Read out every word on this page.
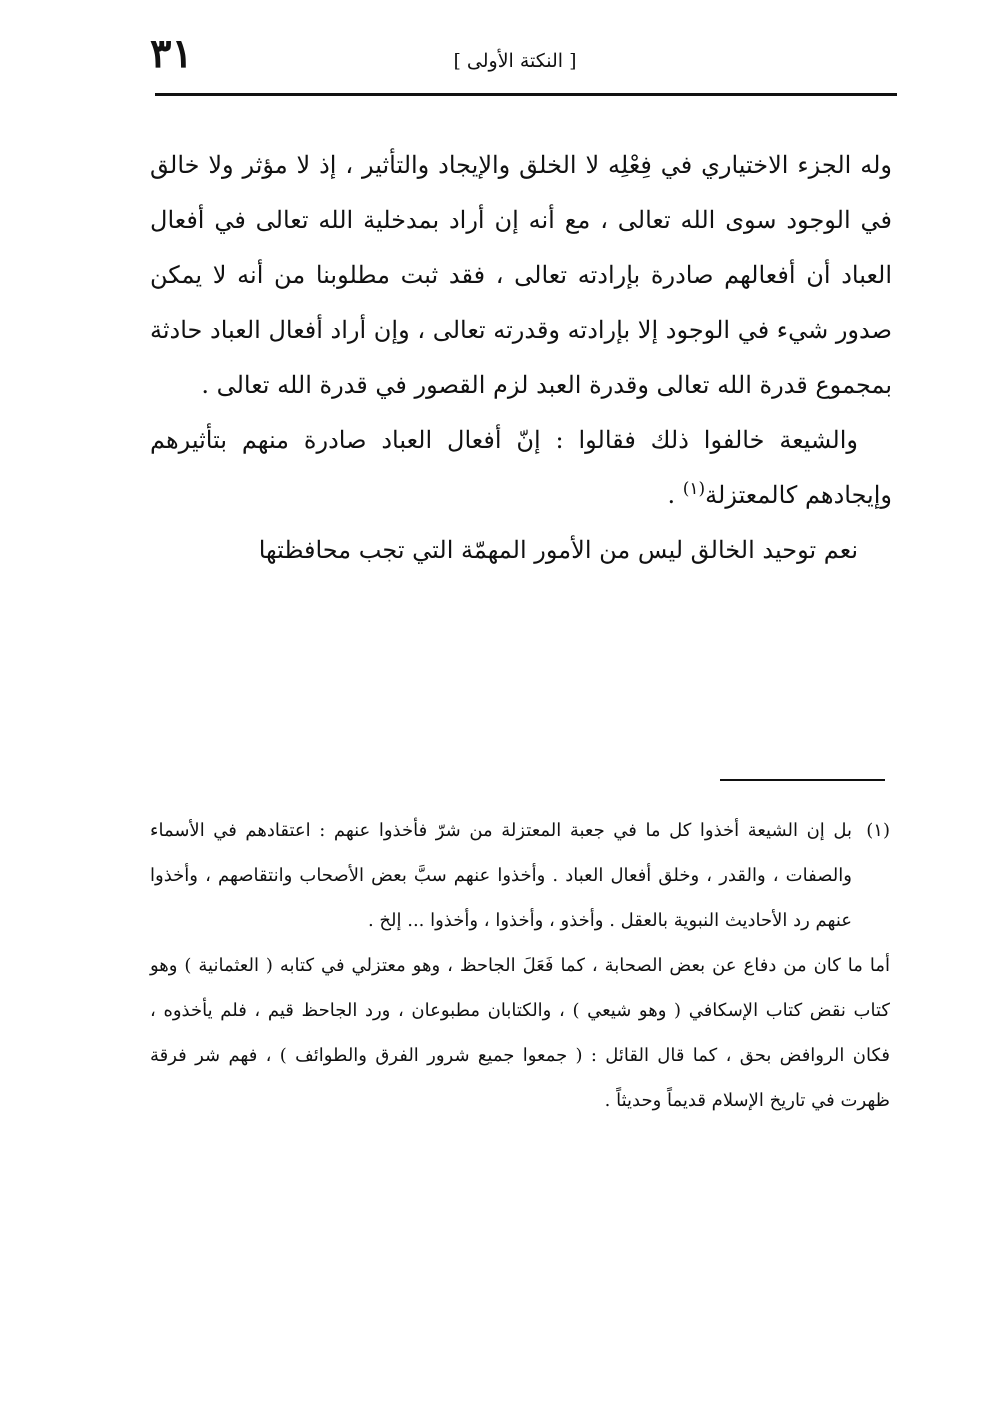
٣١	[ النكتة الأولى ]

وله الجزء الاختياري في فِعْلِه لا الخلق والإيجاد والتأثير ، إذ لا مؤثر ولا خالق في الوجود سوى الله تعالى ، مع أنه إن أراد بمدخلية الله تعالى في أفعال العباد أن أفعالهم صادرة بإرادته تعالى ، فقد ثبت مطلوبنا من أنه لا يمكن صدور شيء في الوجود إلا بإرادته وقدرته تعالى ، وإن أراد أفعال العباد حادثة بمجموع قدرة الله تعالى وقدرة العبد لزم القصور في قدرة الله تعالى .

والشيعة خالفوا ذلك فقالوا : إنّ أفعال العباد صادرة منهم بتأثيرهم وإيجادهم كالمعتزلة$^{(١)}$ .

نعم توحيد الخالق ليس من الأمور المهمّة التي تجب محافظتها

(١)
بل إن الشيعة أخذوا كل ما في جعبة المعتزلة من شرّ فأخذوا عنهم : اعتقادهم في الأسماء والصفات ، والقدر ، وخلق أفعال العباد . وأخذوا عنهم سبَّ بعض الأصحاب وانتقاصهم ، وأخذوا عنهم رد الأحاديث النبوية بالعقل . وأخذو ، وأخذوا ، وأخذوا ... إلخ .

أما ما كان من دفاع عن بعض الصحابة ، كما فَعَلَ الجاحظ ، وهو معتزلي في كتابه ( العثمانية ) وهو كتاب نقض كتاب الإسكافي ( وهو شيعي ) ، والكتابان مطبوعان ، ورد الجاحظ قيم ، فلم يأخذوه ، فكان الروافض بحق ، كما قال القائل : ( جمعوا جميع شرور الفرق والطوائف ) ، فهم شر فرقة ظهرت في تاريخ الإسلام قديماً وحديثاً .
